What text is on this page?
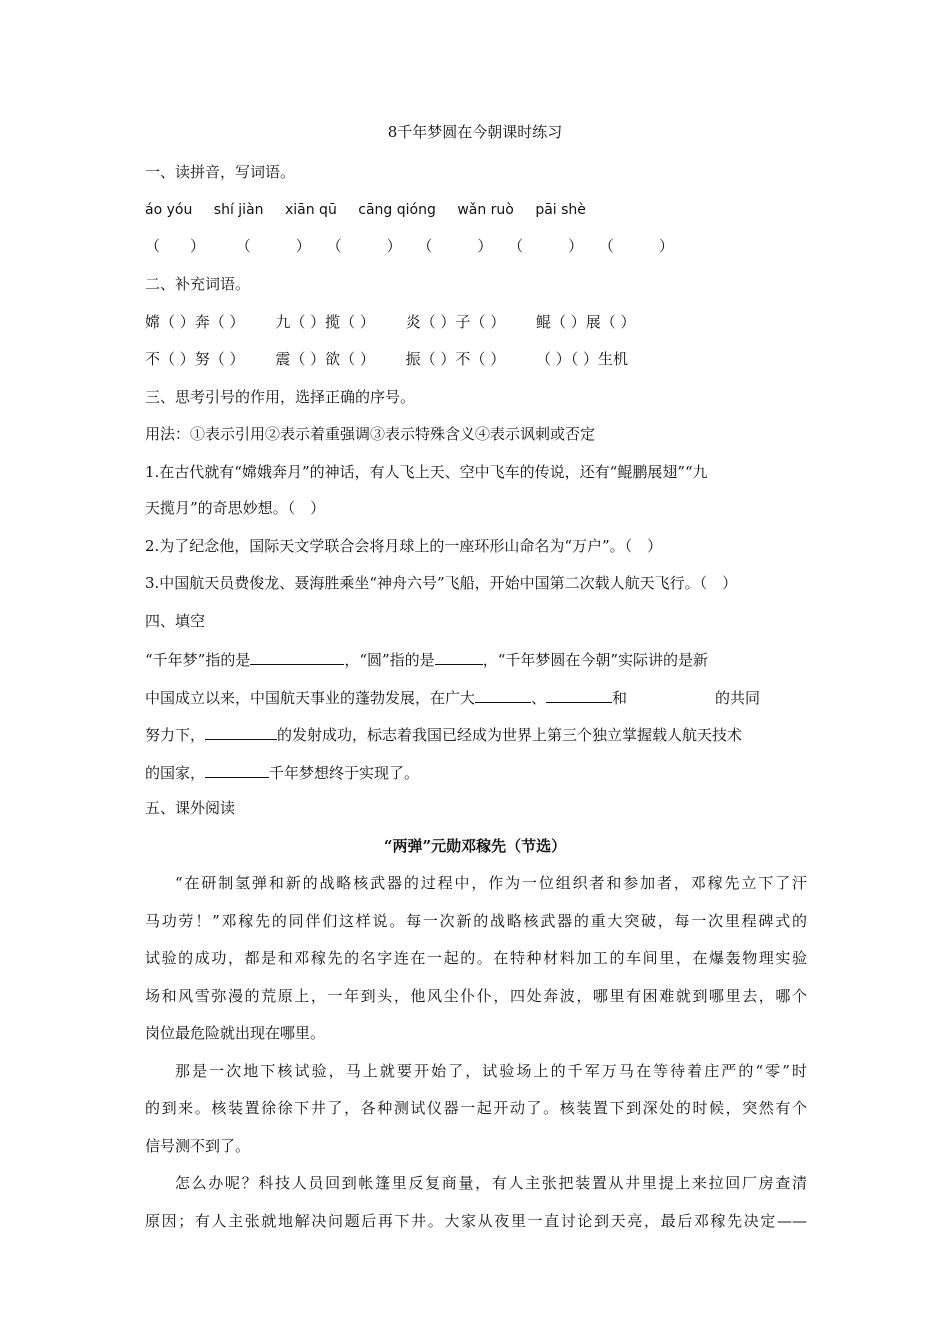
8千年梦圆在今朝课时练习
一、读拼音，写词语。
áo yóu shí jiàn xiān qū cāng qióng wǎn ruò pāi shè
（　　） （　　　） （　　　） （　　　） （　　　） （　　　）
二、补充词语。
嫦（ ）奔（ ） 九（ ）揽（ ） 炎（ ）子（ ） 鲲（ ）展（ ）
不（ ）努（ ） 震（ ）欲（ ） 振（ ）不（ ） （ ）（ ）生机
三、思考引号的作用，选择正确的序号。
用法：①表示引用②表示着重强调③表示特殊含义④表示讽刺或否定
1.在古代就有“嫦娥奔月”的神话，有人飞上天、空中飞车的传说，还有“鲲鹏展翅”“九
天揽月”的奇思妙想。（　）
2.为了纪念他，国际天文学联合会将月球上的一座环形山命名为“万户”。（　）
3.中国航天员费俊龙、聂海胜乘坐“神舟六号”飞船，开始中国第二次载人航天飞行。（　）
四、填空
“千年梦”指的是	，“圆”指的是	，“千年梦圆在今朝”实际讲的是新
中国成立以来，中国航天事业的蓬勃发展，在广大	、	和	的共同
努力下，	的发射成功，标志着我国已经成为世界上第三个独立掌握载人航天技术
的国家，	千年梦想终于实现了。
五、课外阅读
“两弹”元勋邓稼先（节选）
“在研制氢弹和新的战略核武器的过程中，作为一位组织者和参加者，邓稼先立下了汗
马功劳！”邓稼先的同伴们这样说。每一次新的战略核武器的重大突破，每一次里程碑式的
试验的成功，都是和邓稼先的名字连在一起的。在特种材料加工的车间里，在爆轰物理实验
场和风雪弥漫的荒原上，一年到头，他风尘仆仆，四处奔波，哪里有困难就到哪里去，哪个
岗位最危险就出现在哪里。
那是一次地下核试验，马上就要开始了，试验场上的千军万马在等待着庄严的“零”时
的到来。核装置徐徐下井了，各种测试仪器一起开动了。核装置下到深处的时候，突然有个
信号测不到了。
怎么办呢？科技人员回到帐篷里反复商量，有人主张把装置从井里提上来拉回厂房查清
原因；有人主张就地解决问题后再下井。大家从夜里一直讨论到天亮，最后邓稼先决定——
